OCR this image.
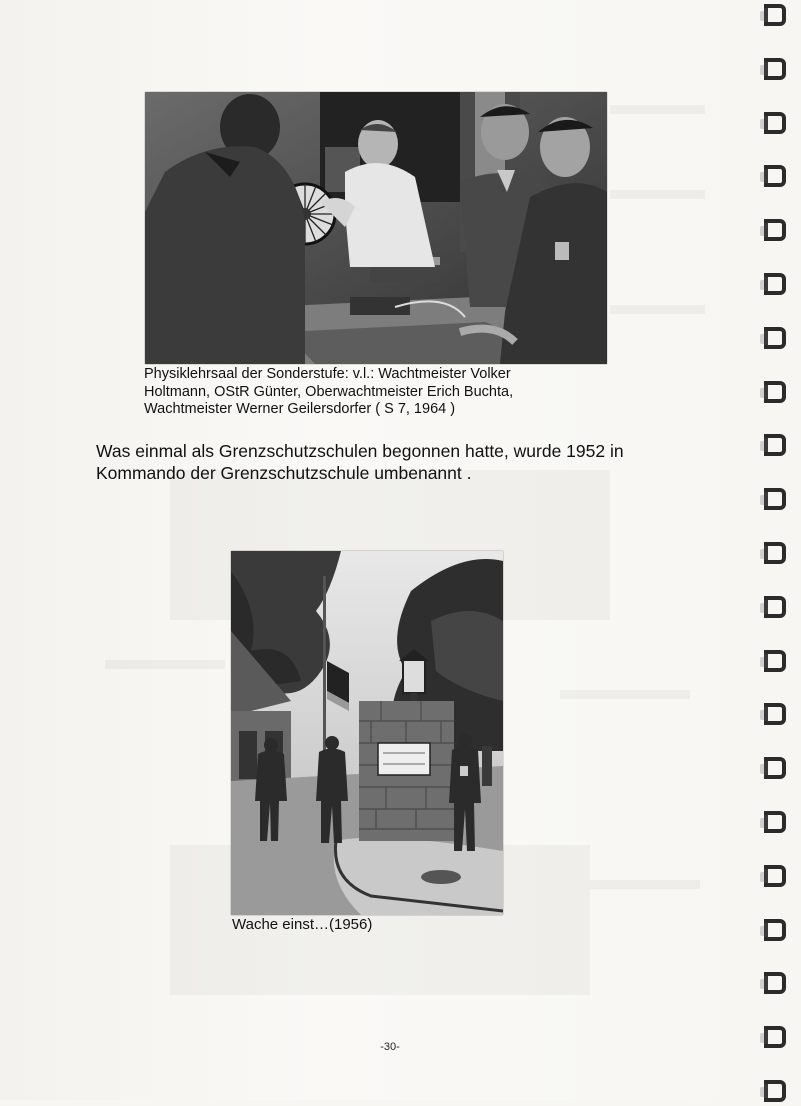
Physiklehrsaal der Sonderstufe: v.l.: Wachtmeister Volker Holtmann, OStR Günter, Oberwachtmeister Erich Buchta, Wachtmeister Werner Geilersdorfer ( S 7, 1964 )

Was einmal als Grenzschutzschulen begonnen hatte, wurde 1952 in Kommando der Grenzschutzschule umbenannt .

Wache einst…(1956)

-30-
